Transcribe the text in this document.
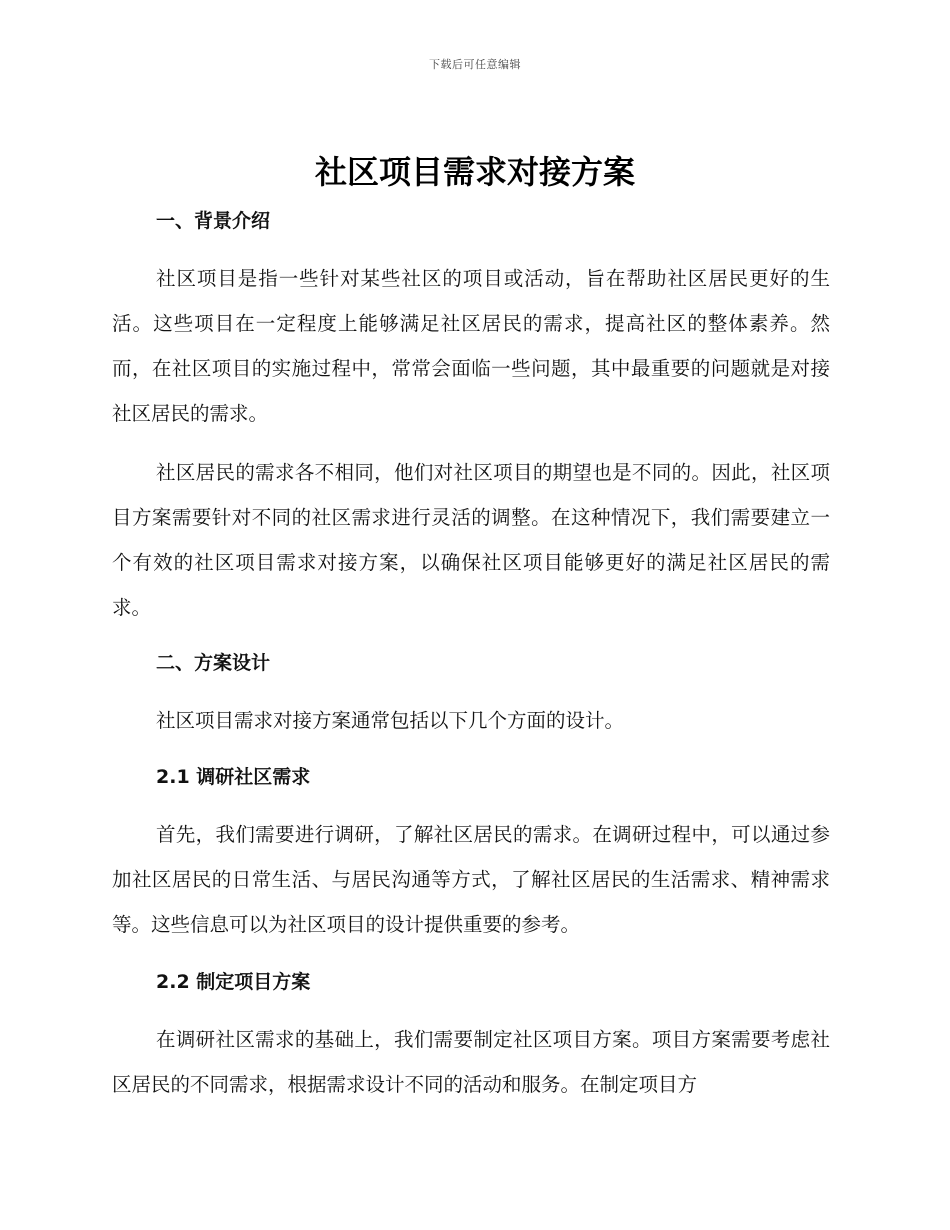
下载后可任意编辑
社区项目需求对接方案
一、背景介绍

社区项目是指一些针对某些社区的项目或活动，旨在帮助社区居民更好的生活。这些项目在一定程度上能够满足社区居民的需求，提高社区的整体素养。然而，在社区项目的实施过程中，常常会面临一些问题，其中最重要的问题就是对接社区居民的需求。

社区居民的需求各不相同，他们对社区项目的期望也是不同的。因此，社区项目方案需要针对不同的社区需求进行灵活的调整。在这种情况下，我们需要建立一个有效的社区项目需求对接方案，以确保社区项目能够更好的满足社区居民的需求。

二、方案设计

社区项目需求对接方案通常包括以下几个方面的设计。

2.1 调研社区需求

首先，我们需要进行调研，了解社区居民的需求。在调研过程中，可以通过参加社区居民的日常生活、与居民沟通等方式，了解社区居民的生活需求、精神需求等。这些信息可以为社区项目的设计提供重要的参考。

2.2 制定项目方案

在调研社区需求的基础上，我们需要制定社区项目方案。项目方案需要考虑社区居民的不同需求，根据需求设计不同的活动和服务。在制定项目方
